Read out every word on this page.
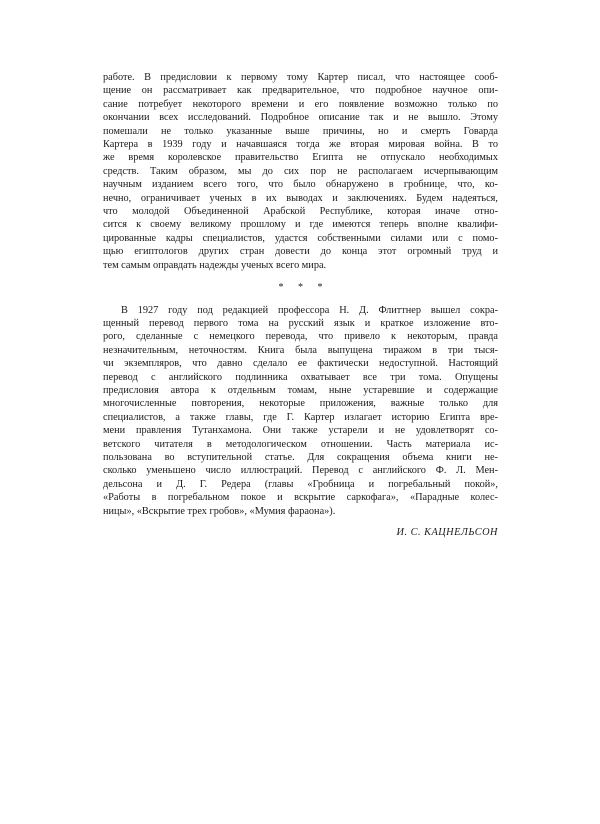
работе. В предисловии к первому тому Картер писал, что настоящее сооб-
щение он рассматривает как предварительное, что подробное научное опи-
сание потребует некоторого времени и его появление возможно только по
окончании всех исследований. Подробное описание так и не вышло. Этому
помешали не только указанные выше причины, но и смерть Говарда
Картера в 1939 году и начавшаяся тогда же вторая мировая война. В то
же время королевское правительство Египта не отпускало необходимых
средств. Таким образом, мы до сих пор не располагаем исчерпывающим
научным изданием всего того, что было обнаружено в гробнице, что, ко-
нечно, ограничивает ученых в их выводах и заключениях. Будем надеяться,
что молодой Объединенной Арабской Республике, которая иначе отно-
сится к своему великому прошлому и где имеются теперь вполне квалифи-
цированные кадры специалистов, удастся собственными силами или с помо-
щью египтологов других стран довести до конца этот огромный труд и
тем самым оправдать надежды ученых всего мира.

* * *

В 1927 году под редакцией профессора Н. Д. Флиттнер вышел сокра-
щенный перевод первого тома на русский язык и краткое изложение вто-
рого, сделанные с немецкого перевода, что привело к некоторым, правда
незначительным, неточностям. Книга была выпущена тиражом в три тыся-
чи экземпляров, что давно сделало ее фактически недоступной. Настоящий
перевод с английского подлинника охватывает все три тома. Опущены
предисловия автора к отдельным томам, ныне устаревшие и содержащие
многочисленные повторения, некоторые приложения, важные только для
специалистов, а также главы, где Г. Картер излагает историю Египта вре-
мени правления Тутанхамона. Они также устарели и не удовлетворят со-
ветского читателя в методологическом отношении. Часть материала ис-
пользована во вступительной статье. Для сокращения объема книги не-
сколько уменьшено число иллюстраций. Перевод с английского Ф. Л. Мен-
дельсона и Д. Г. Редера (главы «Гробница и погребальный покой»,
«Работы в погребальном покое и вскрытие саркофага», «Парадные колес-
ницы», «Вскрытие трех гробов», «Мумия фараона»).

И. С. КАЦНЕЛЬСОН
